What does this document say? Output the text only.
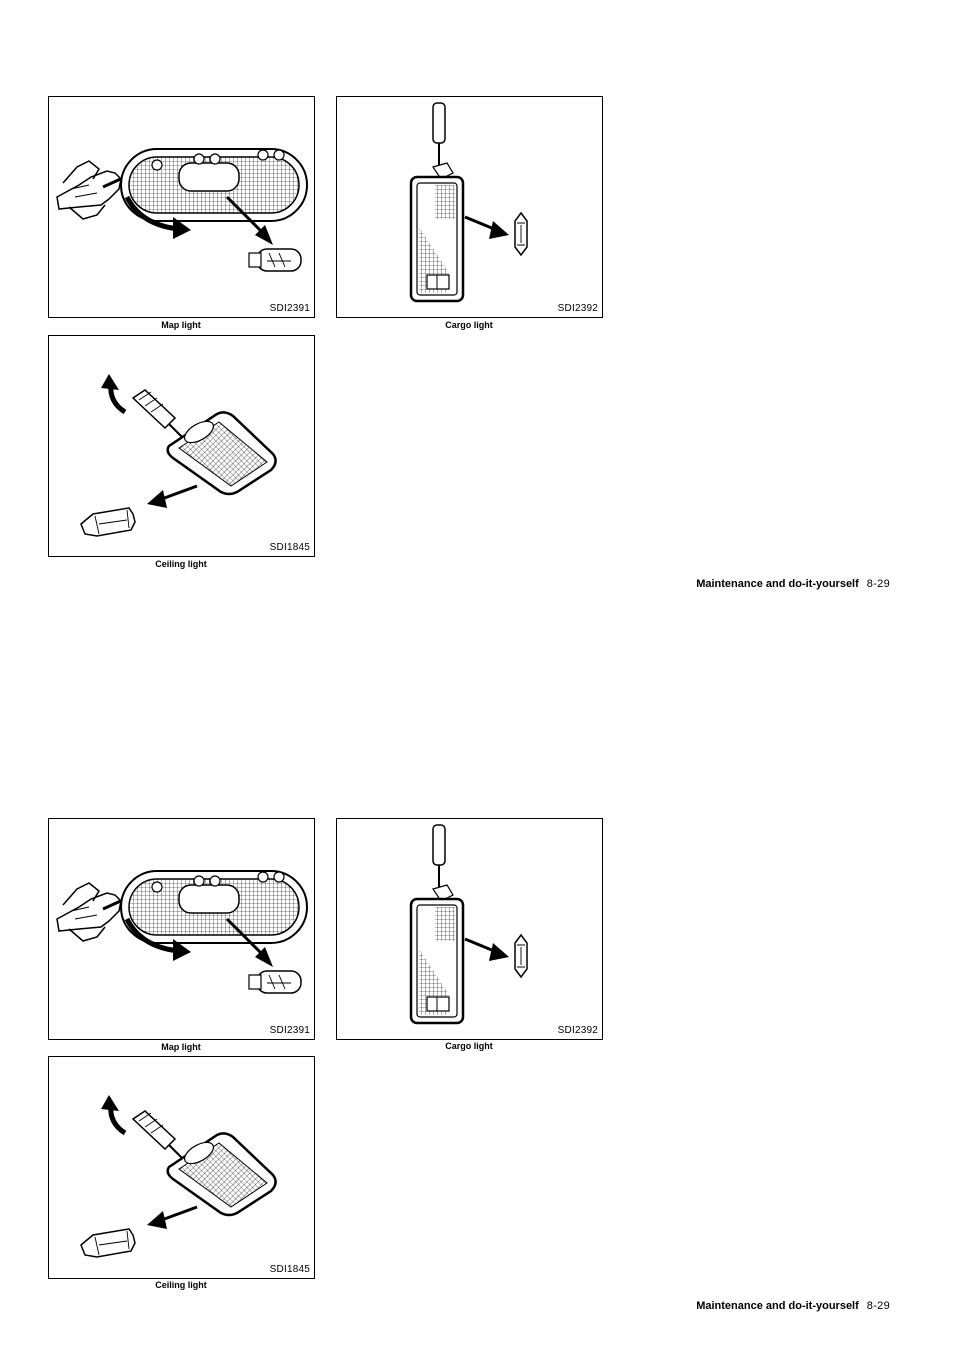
SDI2391
Map light
SDI2392
Cargo light
SDI1845
Ceiling light
Maintenance and do-it-yourself 8-29
SDI2391
Map light
SDI2392
Cargo light
SDI1845
Ceiling light
Maintenance and do-it-yourself 8-29
